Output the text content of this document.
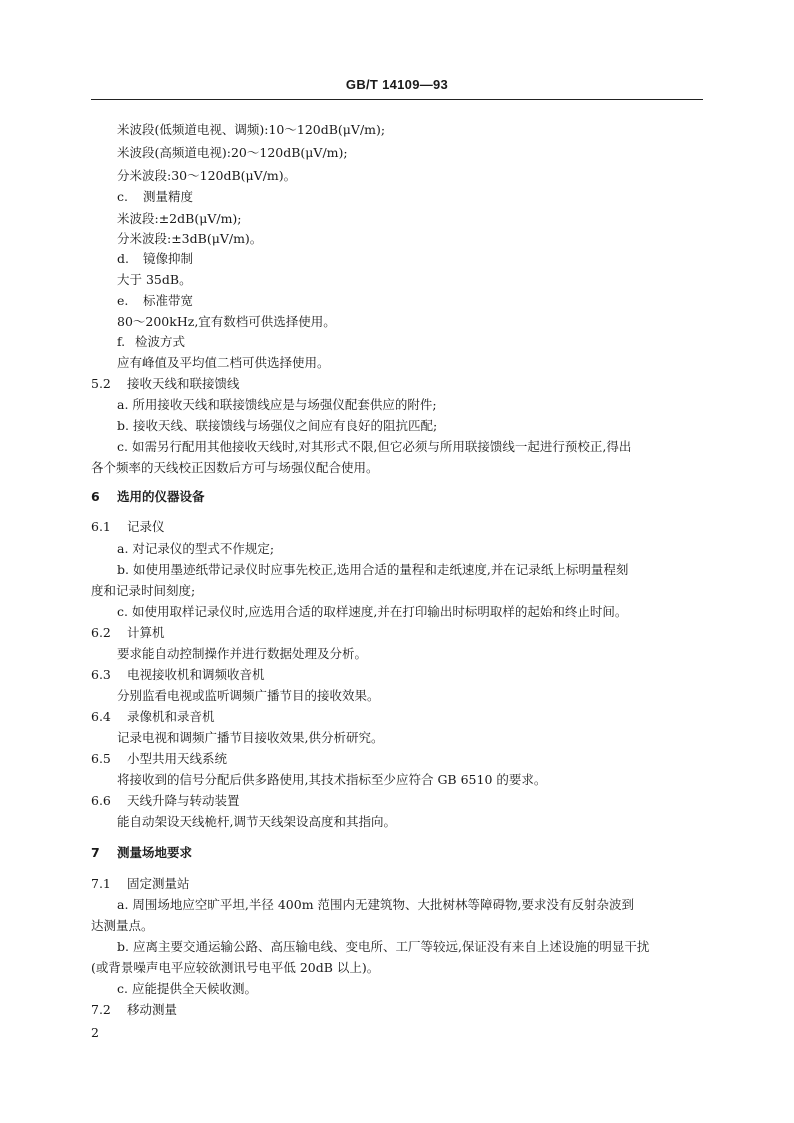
GB/T 14109—93
米波段(低频道电视、调频):10～120dB(μV/m);
米波段(高频道电视):20～120dB(μV/m);
分米波段:30～120dB(μV/m)。
c. 测量精度
米波段:±2dB(μV/m);
分米波段:±3dB(μV/m)。
d. 镜像抑制
大于 35dB。
e. 标准带宽
80～200kHz,宜有数档可供选择使用。
f. 检波方式
应有峰值及平均值二档可供选择使用。
5.2 接收天线和联接馈线
a. 所用接收天线和联接馈线应是与场强仪配套供应的附件;
b. 接收天线、联接馈线与场强仪之间应有良好的阻抗匹配;
c. 如需另行配用其他接收天线时,对其形式不限,但它必须与所用联接馈线一起进行预校正,得出
各个频率的天线校正因数后方可与场强仪配合使用。
6 选用的仪器设备
6.1 记录仪
a. 对记录仪的型式不作规定;
b. 如使用墨迹纸带记录仪时应事先校正,选用合适的量程和走纸速度,并在记录纸上标明量程刻
度和记录时间刻度;
c. 如使用取样记录仪时,应选用合适的取样速度,并在打印输出时标明取样的起始和终止时间。
6.2 计算机
要求能自动控制操作并进行数据处理及分析。
6.3 电视接收机和调频收音机
分别监看电视或监听调频广播节目的接收效果。
6.4 录像机和录音机
记录电视和调频广播节目接收效果,供分析研究。
6.5 小型共用天线系统
将接收到的信号分配后供多路使用,其技术指标至少应符合 GB 6510 的要求。
6.6 天线升降与转动装置
能自动架设天线桅杆,调节天线架设高度和其指向。
7 测量场地要求
7.1 固定测量站
a. 周围场地应空旷平坦,半径 400m 范围内无建筑物、大批树林等障碍物,要求没有反射杂波到
达测量点。
b. 应离主要交通运输公路、高压输电线、变电所、工厂等较远,保证没有来自上述设施的明显干扰
(或背景噪声电平应较欲测讯号电平低 20dB 以上)。
c. 应能提供全天候收测。
7.2 移动测量
2
